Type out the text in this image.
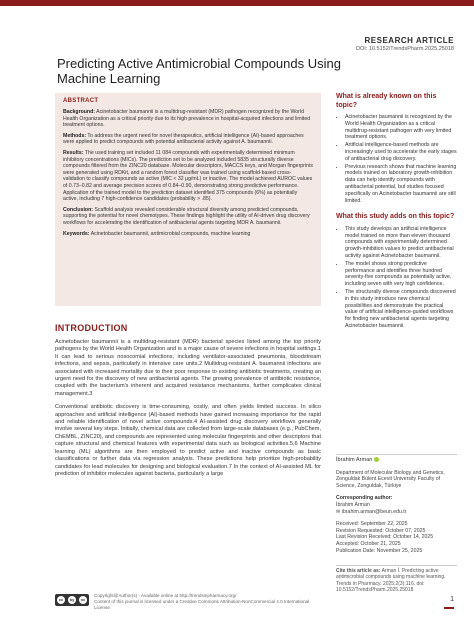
RESEARCH ARTICLE
DOI: 10.5152/TrendsPharm.2025.25018
Predicting Active Antimicrobial Compounds Using Machine Learning
ABSTRACT

Background: Acinetobacter baumannii is a multidrug-resistant (MDR) pathogen recognized by the World Health Organization as a critical priority due to its high prevalence in hospital-acquired infections and limited treatment options.

Methods: To address the urgent need for novel therapeutics, artificial intelligence (AI)-based approaches were applied to predict compounds with potential antibacterial activity against A. baumannii.

Results: The used training set included 11 084 compounds with experimentally determined minimum inhibitory concentrations (MICs). The prediction set to be analyzed included 5835 structurally diverse compounds filtered from the ZINC20 database. Molecular descriptors, MACCS keys, and Morgan fingerprints were generated using RDKit, and a random forest classifier was trained using scaffold-based cross-validation to classify compounds as active (MIC < 32 μg/mL) or inactive. The model achieved AUROC values of 0.73–0.82 and average precision scores of 0.84–0.90, demonstrating strong predictive performance. Application of the trained model to the prediction dataset identified 375 compounds (6%) as potentially active, including 7 high-confidence candidates (probability > .85).

Conclusion: Scaffold analysis revealed considerable structural diversity among predicted compounds, supporting the potential for novel chemotypes. These findings highlight the utility of AI-driven drug discovery workflows for accelerating the identification of antibacterial agents targeting MDR A. baumannii.

Keywords: Acinetobacter baumannii, antimicrobial compounds, machine learning

What is already known on this topic?
• Acinetobacter baumannii is recognized by the World Health Organization as a critical multidrug-resistant pathogen with very limited treatment options.
• Artificial intelligence-based methods are increasingly used to accelerate the early stages of antibacterial drug discovery.
• Previous research shows that machine learning models trained on laboratory growth-inhibition data can help identify compounds with antibacterial potential, but studies focused specifically on Acinetobacter baumannii are still limited.
What this study adds on this topic?
• This study develops an artificial intelligence model trained on more than eleven thousand compounds with experimentally determined growth-inhibition values to predict antibacterial activity against Acinetobacter baumannii.
• The model shows strong predictive performance and identifies three hundred seventy-five compounds as potentially active, including seven with very high confidence.
• The structurally diverse compounds discovered in this study introduce new chemical possibilities and demonstrate the practical value of artificial intelligence-guided workflows for finding new antibacterial agents targeting Acinetobacter baumannii.
INTRODUCTION

Acinetobacter baumannii is a multidrug-resistant (MDR) bacterial species listed among the top priority pathogens by the World Health Organization and is a major cause of severe infections in hospital settings.1 It can lead to serious nosocomial infections, including ventilator-associated pneumonia, bloodstream infections, and sepsis, particularly in intensive care units.2 Multidrug-resistant A. baumannii infections are associated with increased mortality due to their poor response to existing antibiotic treatments, creating an urgent need for the discovery of new antibacterial agents. The growing prevalence of antibiotic resistance, coupled with the bacterium's inherent and acquired resistance mechanisms, further complicates clinical management.3

Conventional antibiotic discovery is time-consuming, costly, and often yields limited success. In silico approaches and artificial intelligence (AI)-based methods have gained increasing importance for the rapid and reliable identification of novel active compounds.4 AI-assisted drug discovery workflows generally involve several key steps. Initially, chemical data are collected from large-scale databases (e.g., PubChem, ChEMBL, ZINC20), and compounds are represented using molecular fingerprints and other descriptors that capture structural and chemical features with experimental data such as biological activities.5,6 Machine learning (ML) algorithms are then employed to predict active and inactive compounds as basic classifications or further data via regression analysis. These predictions help prioritize high-probability candidates for lead molecules for designing and biological evaluation.7 In the context of AI-assisted ML for prediction of inhibitor molecules against bacteria, particularly a large

İbrahim Arman
Department of Molecular Biology and Genetics, Zonguldak Bülent Ecevit University Faculty of Science, Zonguldak, Türkiye
Corresponding author:
İbrahim Arman
✉ ibrahim.arman@beun.edu.tr
Received: September 22, 2025
Revision Requested: October 07, 2025
Last Revision Received: October 14, 2025
Accepted: October 21, 2025
Publication Date: November 25, 2025
Cite this article as: Arman İ. Predicting active antimicrobial compounds using machine learning. Trends in Pharmacy. 2025;2(3):116. doi: 10.5152/TrendsPharm.2025.25018
cc	by	nc
Copyright@Author(s) - Available online at http://trendsinpharmacy.org/
Content of this journal is licensed under a Creative Commons Attribution-NonCommercial 4.0 International License.
1
